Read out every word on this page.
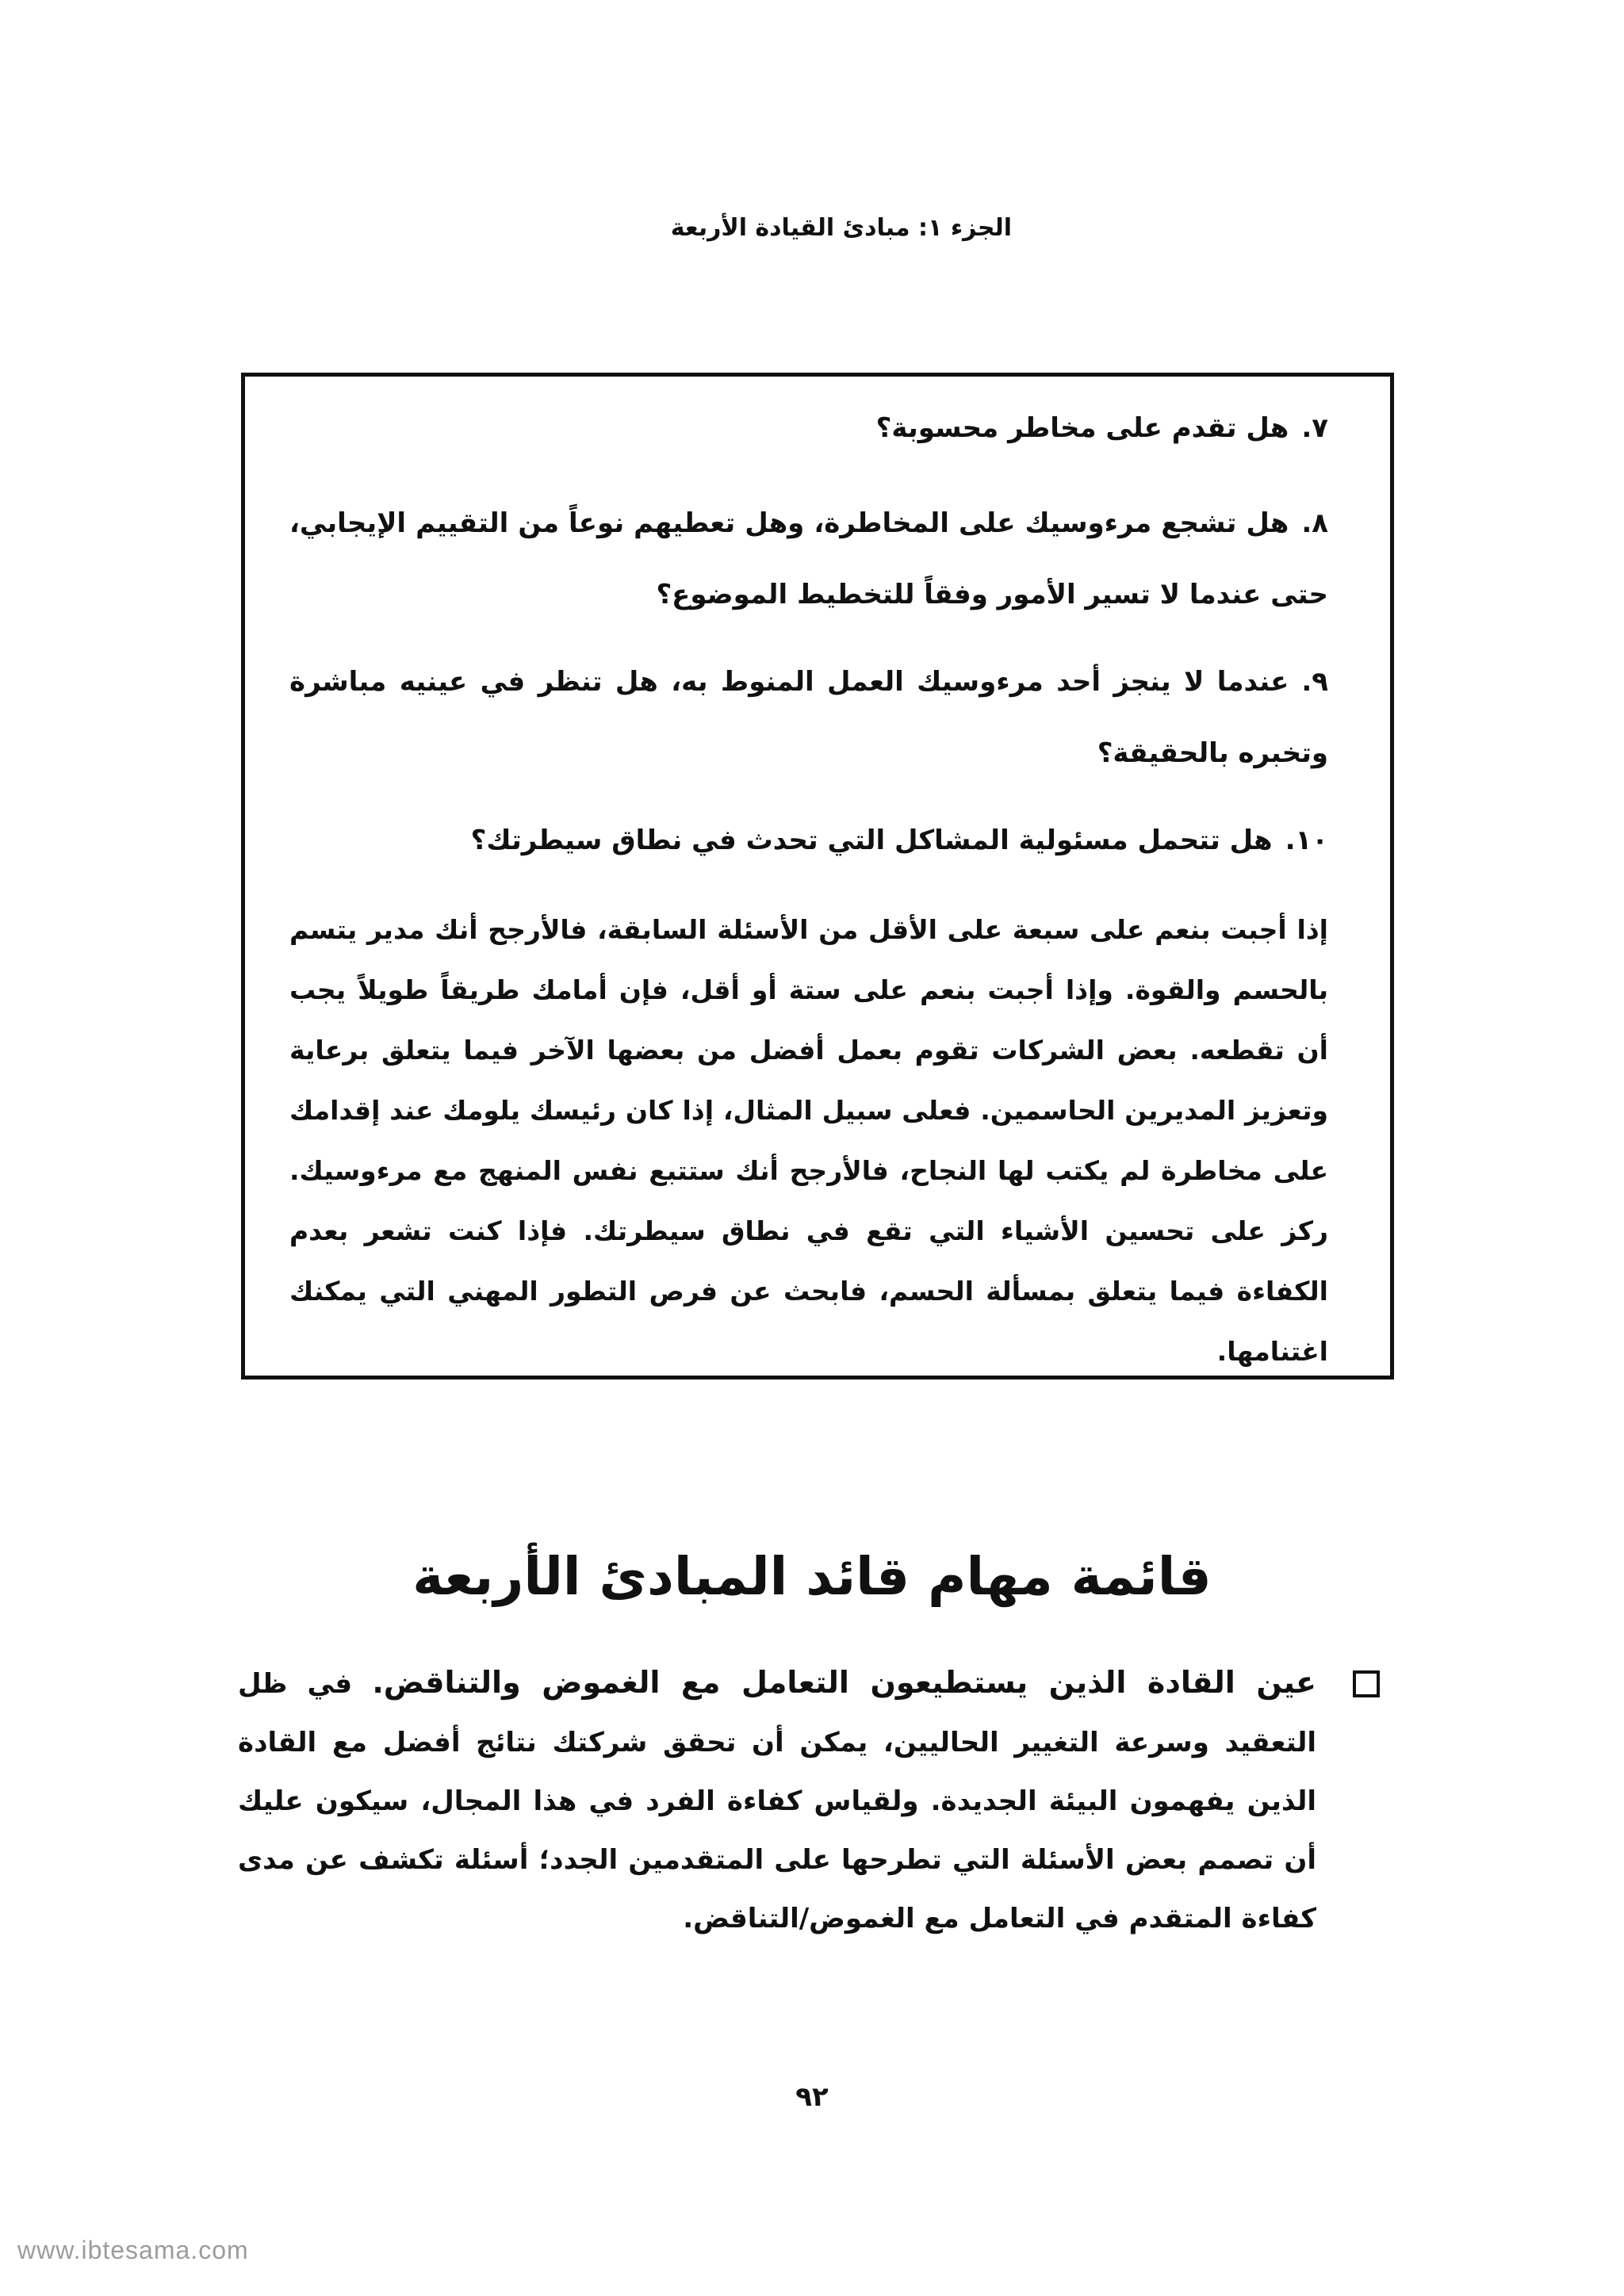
الجزء ١: مبادئ القيادة الأربعة
٧.هل تقدم على مخاطر محسوبة؟
٨.هل تشجع مرءوسيك على المخاطرة، وهل تعطيهم نوعاً من التقييم الإيجابي، حتى عندما لا تسير الأمور وفقاً للتخطيط الموضوع؟
٩.عندما لا ينجز أحد مرءوسيك العمل المنوط به، هل تنظر في عينيه مباشرة وتخبره بالحقيقة؟
١٠.هل تتحمل مسئولية المشاكل التي تحدث في نطاق سيطرتك؟
إذا أجبت بنعم على سبعة على الأقل من الأسئلة السابقة، فالأرجح أنك مدير يتسم بالحسم والقوة. وإذا أجبت بنعم على ستة أو أقل، فإن أمامك طريقاً طويلاً يجب أن تقطعه. بعض الشركات تقوم بعمل أفضل من بعضها الآخر فيما يتعلق برعاية وتعزيز المديرين الحاسمين. فعلى سبيل المثال، إذا كان رئيسك يلومك عند إقدامك على مخاطرة لم يكتب لها النجاح، فالأرجح أنك ستتبع نفس المنهج مع مرءوسيك. ركز على تحسين الأشياء التي تقع في نطاق سيطرتك. فإذا كنت تشعر بعدم الكفاءة فيما يتعلق بمسألة الحسم، فابحث عن فرص التطور المهني التي يمكنك اغتنامها.
قائمة مهام قائد المبادئ الأربعة
عين القادة الذين يستطيعون التعامل مع الغموض والتناقض. في ظل التعقيد وسرعة التغيير الحاليين، يمكن أن تحقق شركتك نتائج أفضل مع القادة الذين يفهمون البيئة الجديدة. ولقياس كفاءة الفرد في هذا المجال، سيكون عليك أن تصمم بعض الأسئلة التي تطرحها على المتقدمين الجدد؛ أسئلة تكشف عن مدى كفاءة المتقدم في التعامل مع الغموض/التناقض.
٩٢
www.ibtesama.com
